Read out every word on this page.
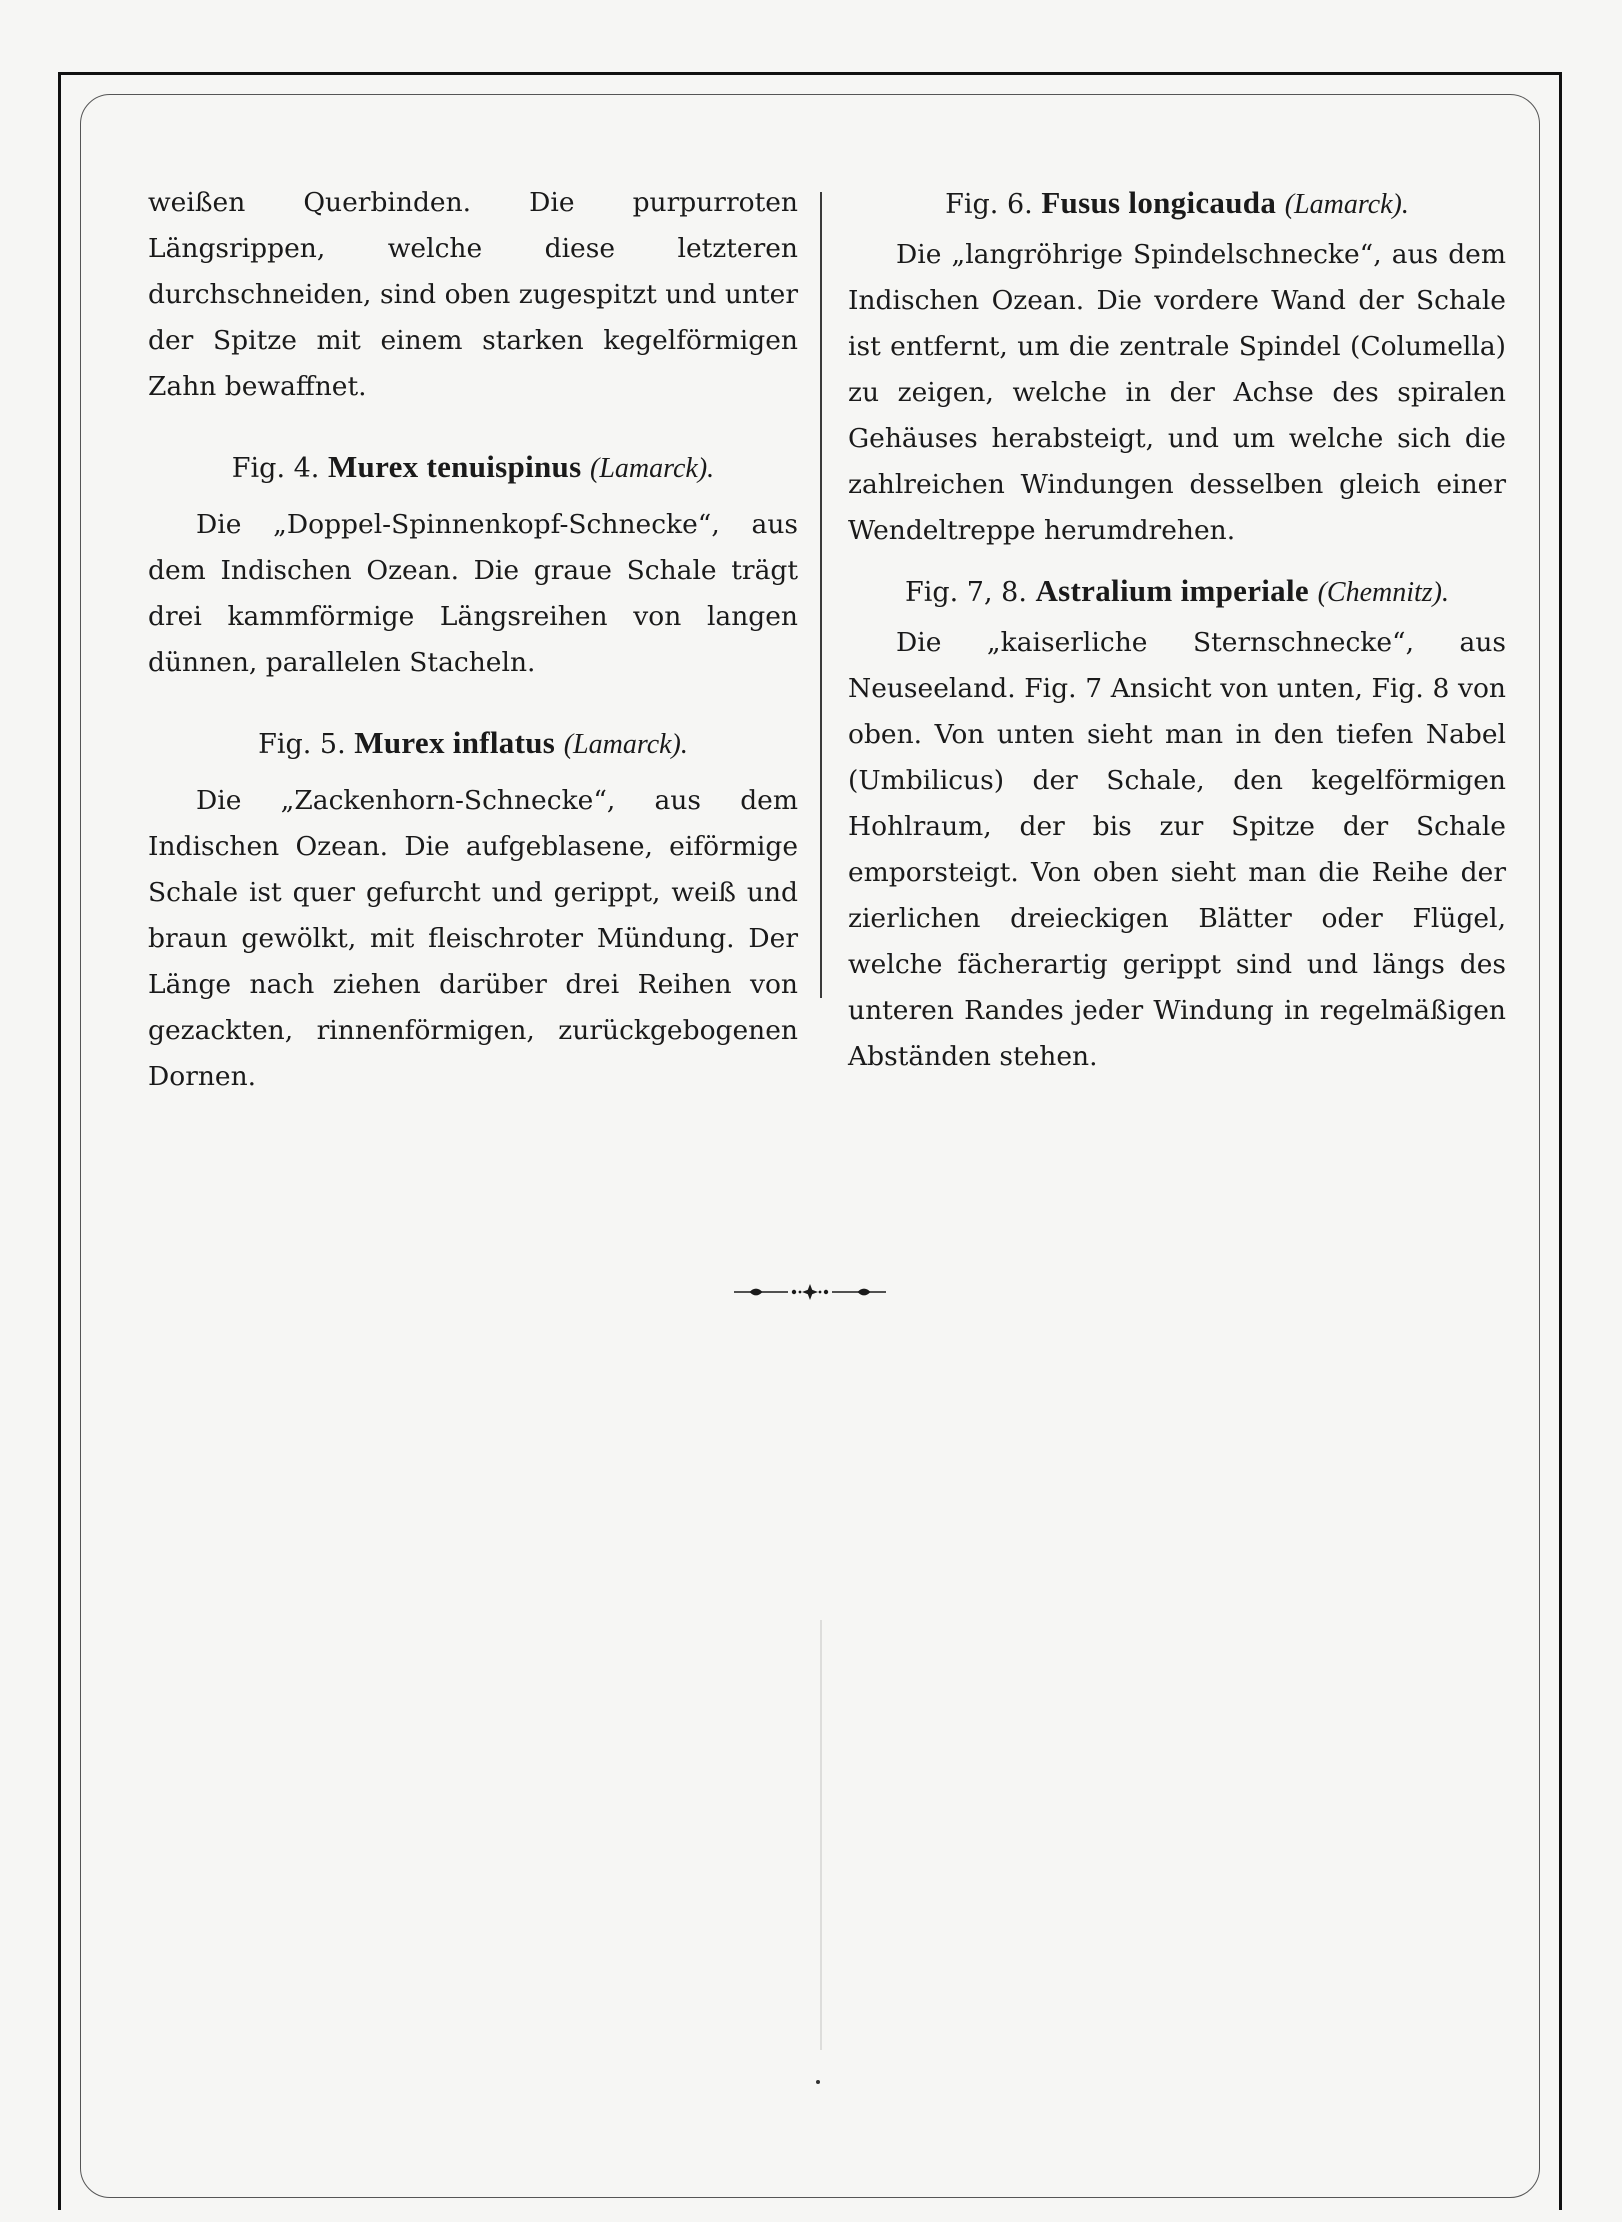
weißen Querbinden. Die purpurroten Längsrippen, welche diese letzteren durchschneiden, sind oben zugespitzt und unter der Spitze mit einem starken kegelförmigen Zahn bewaffnet.

Fig. 4. Murex tenuispinus (Lamarck).

Die „Doppel-Spinnenkopf-Schnecke“, aus dem Indischen Ozean. Die graue Schale trägt drei kammförmige Längsreihen von langen dünnen, parallelen Stacheln.

Fig. 5. Murex inflatus (Lamarck).

Die „Zackenhorn-Schnecke“, aus dem Indischen Ozean. Die aufgeblasene, eiförmige Schale ist quer gefurcht und gerippt, weiß und braun gewölkt, mit fleischroter Mündung. Der Länge nach ziehen darüber drei Reihen von gezackten, rinnenförmigen, zurückgebogenen Dornen.

Fig. 6. Fusus longicauda (Lamarck).

Die „langröhrige Spindelschnecke“, aus dem Indischen Ozean. Die vordere Wand der Schale ist entfernt, um die zentrale Spindel (Columella) zu zeigen, welche in der Achse des spiralen Gehäuses herabsteigt, und um welche sich die zahlreichen Windungen desselben gleich einer Wendeltreppe herumdrehen.

Fig. 7, 8. Astralium imperiale (Chemnitz).

Die „kaiserliche Sternschnecke“, aus Neuseeland. Fig. 7 Ansicht von unten, Fig. 8 von oben. Von unten sieht man in den tiefen Nabel (Umbilicus) der Schale, den kegelförmigen Hohlraum, der bis zur Spitze der Schale emporsteigt. Von oben sieht man die Reihe der zierlichen dreieckigen Blätter oder Flügel, welche fächerartig gerippt sind und längs des unteren Randes jeder Windung in regelmäßigen Abständen stehen.
